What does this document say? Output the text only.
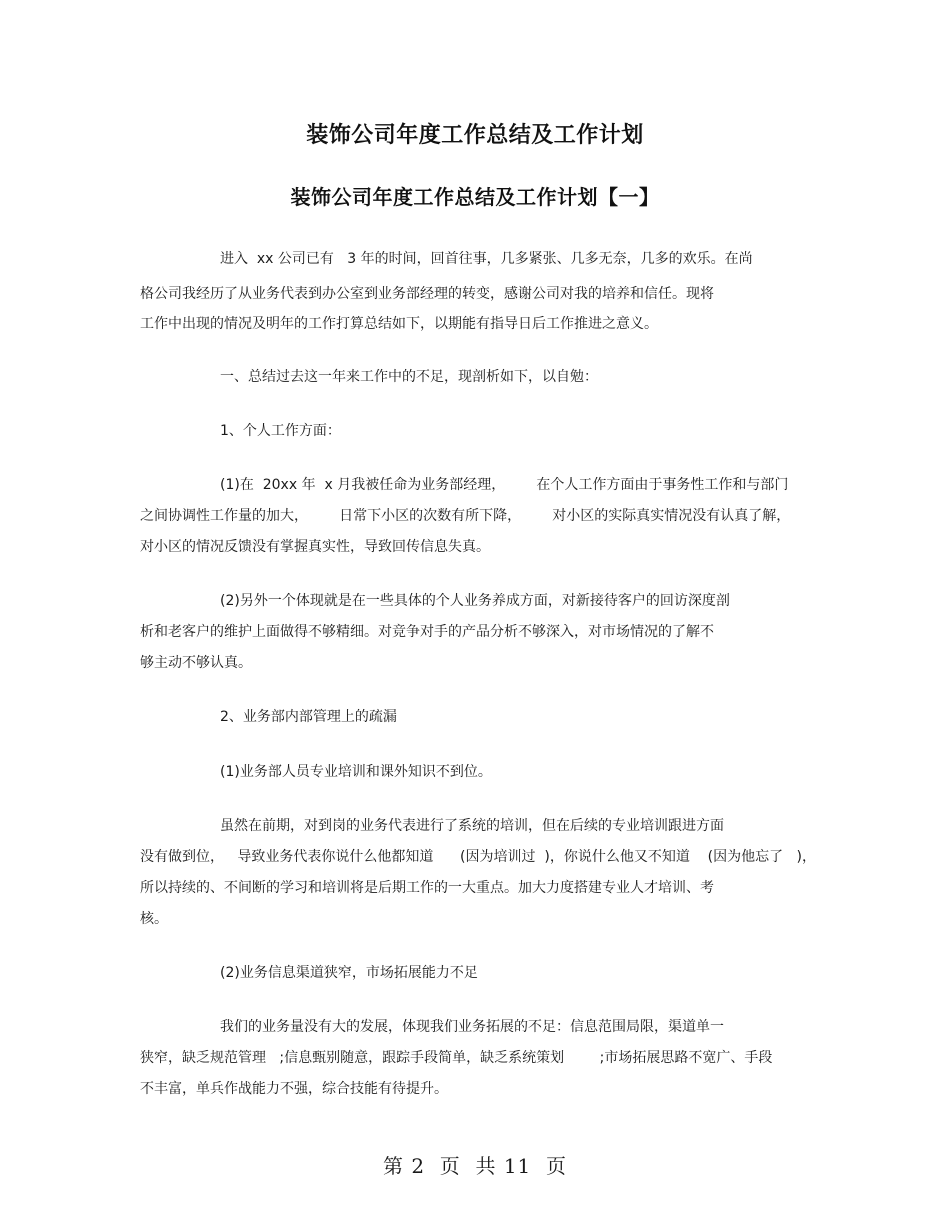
装饰公司年度工作总结及工作计划
装饰公司年度工作总结及工作计划【一】
进入  xx 公司已有   3 年的时间，回首往事，几多紧张、几多无奈，几多的欢乐。在尚
格公司我经历了从业务代表到办公室到业务部经理的转变，感谢公司对我的培养和信任。现将
工作中出现的情况及明年的工作打算总结如下，以期能有指导日后工作推进之意义。
一、总结过去这一年来工作中的不足，现剖析如下，以自勉：
1、个人工作方面：
(1)在  20xx 年  x 月我被任命为业务部经理，       在个人工作方面由于事务性工作和与部门
之间协调性工作量的加大，       日常下小区的次数有所下降，       对小区的实际真实情况没有认真了解，
对小区的情况反馈没有掌握真实性，导致回传信息失真。
(2)另外一个体现就是在一些具体的个人业务养成方面，对新接待客户的回访深度剖
析和老客户的维护上面做得不够精细。对竞争对手的产品分析不够深入，对市场情况的了解不
够主动不够认真。
2、业务部内部管理上的疏漏
(1)业务部人员专业培训和课外知识不到位。
虽然在前期，对到岗的业务代表进行了系统的培训，但在后续的专业培训跟进方面
没有做到位，   导致业务代表你说什么他都知道      (因为培训过  )，你说什么他又不知道    (因为他忘了   )，
所以持续的、不间断的学习和培训将是后期工作的一大重点。加大力度搭建专业人才培训、考
核。
(2)业务信息渠道狭窄，市场拓展能力不足
我们的业务量没有大的发展，体现我们业务拓展的不足：信息范围局限，渠道单一
狭窄，缺乏规范管理   ;信息甄别随意，跟踪手段简单，缺乏系统策划        ;市场拓展思路不宽广、手段
不丰富，单兵作战能力不强，综合技能有待提升。
第 2  页  共 11  页
